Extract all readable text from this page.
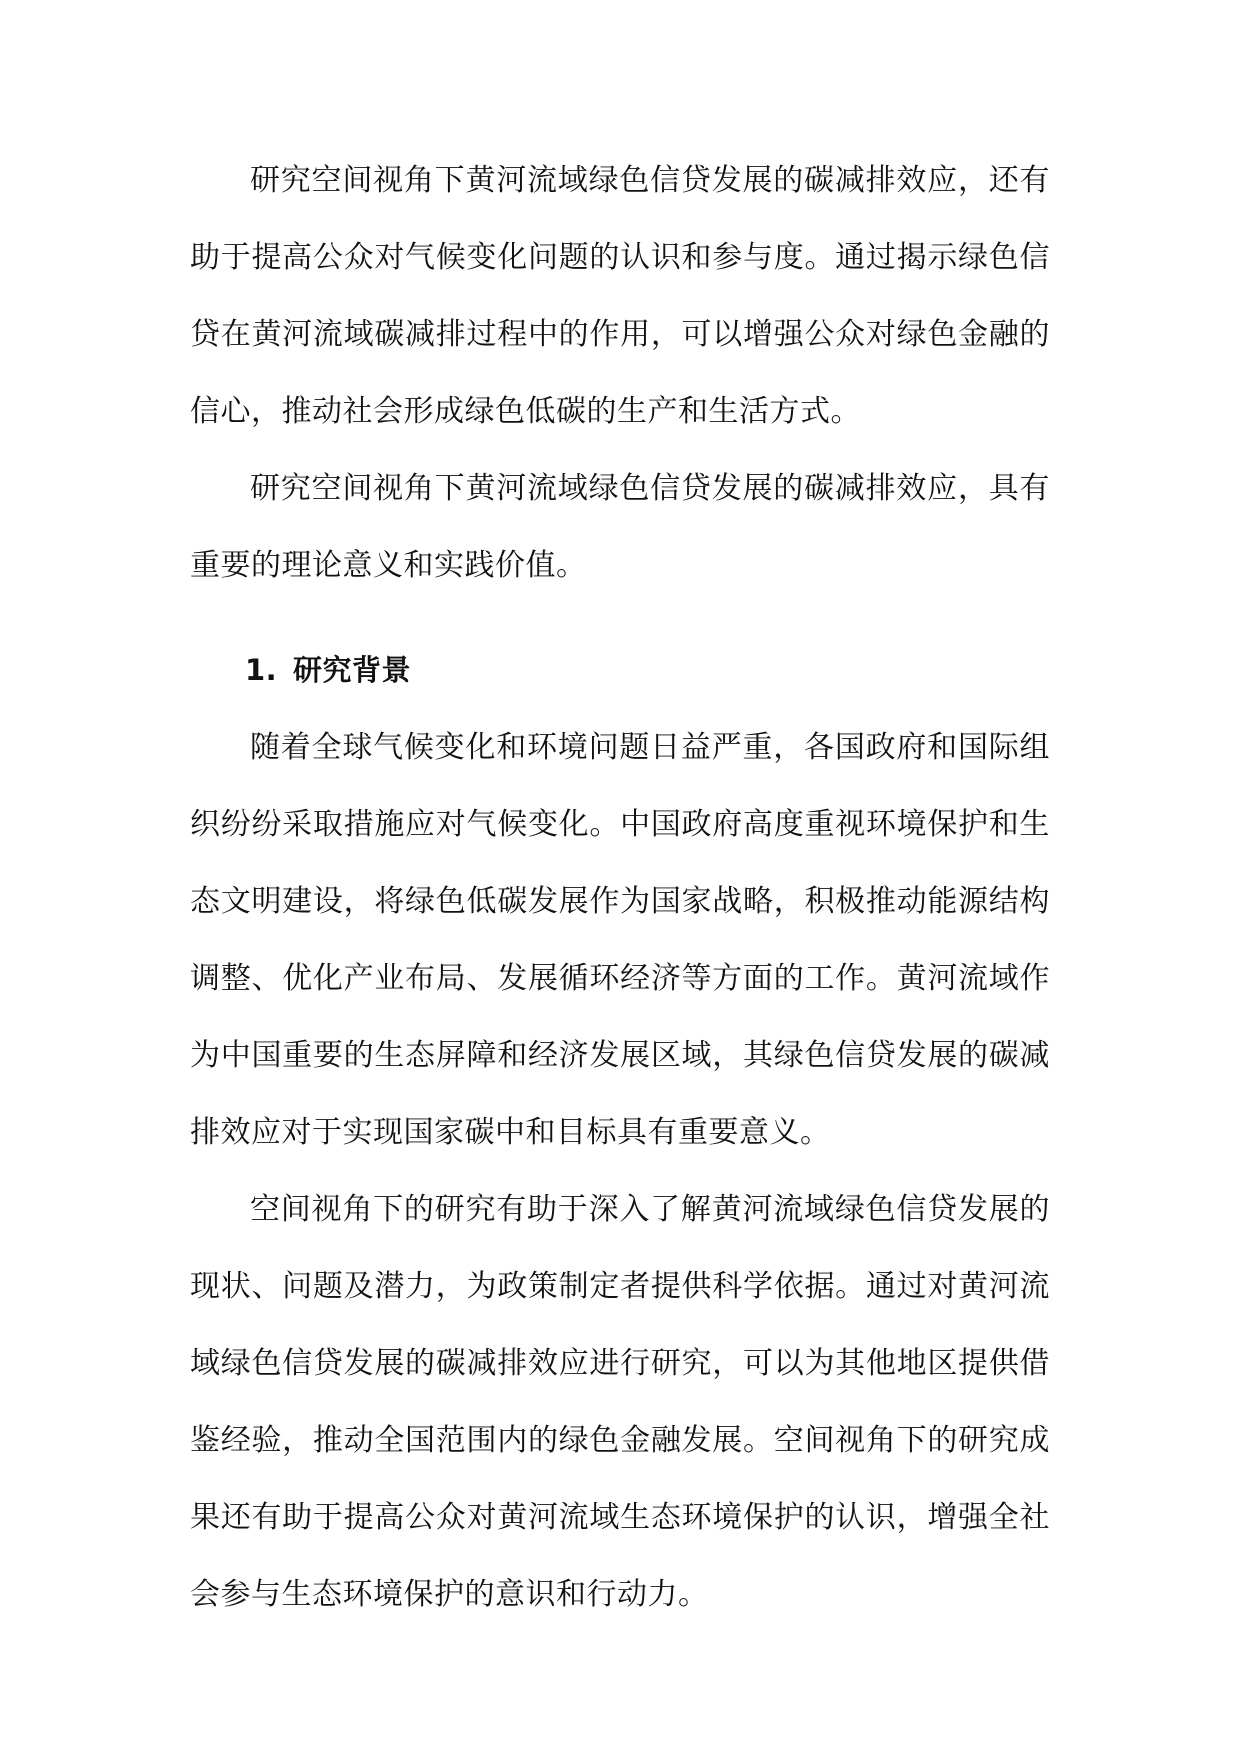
研究空间视角下黄河流域绿色信贷发展的碳减排效应，还有助于提高公众对气候变化问题的认识和参与度。通过揭示绿色信贷在黄河流域碳减排过程中的作用，可以增强公众对绿色金融的信心，推动社会形成绿色低碳的生产和生活方式。

研究空间视角下黄河流域绿色信贷发展的碳减排效应，具有重要的理论意义和实践价值。

1. 研究背景

随着全球气候变化和环境问题日益严重，各国政府和国际组织纷纷采取措施应对气候变化。中国政府高度重视环境保护和生态文明建设，将绿色低碳发展作为国家战略，积极推动能源结构调整、优化产业布局、发展循环经济等方面的工作。黄河流域作为中国重要的生态屏障和经济发展区域，其绿色信贷发展的碳减排效应对于实现国家碳中和目标具有重要意义。

空间视角下的研究有助于深入了解黄河流域绿色信贷发展的现状、问题及潜力，为政策制定者提供科学依据。通过对黄河流域绿色信贷发展的碳减排效应进行研究，可以为其他地区提供借鉴经验，推动全国范围内的绿色金融发展。空间视角下的研究成果还有助于提高公众对黄河流域生态环境保护的认识，增强全社会参与生态环境保护的意识和行动力。
